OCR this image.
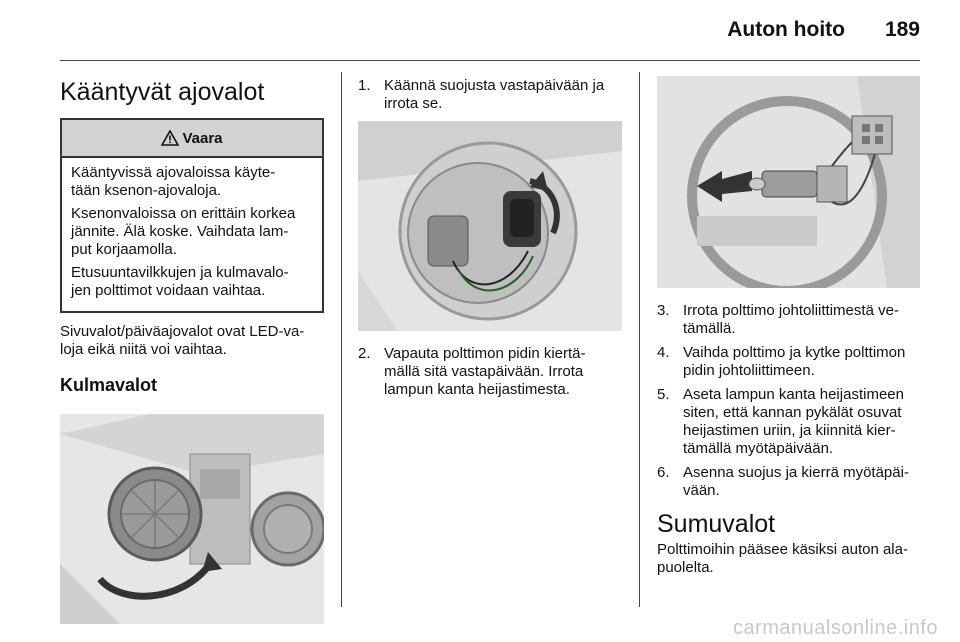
Auton hoito 189
Kääntyvät ajovalot
Vaara

Kääntyvissä ajovaloissa käyte-
tään ksenon-ajovaloja.

Ksenonvaloissa on erittäin korkea
jännite. Älä koske. Vaihdata lam-
put korjaamolla.

Etusuuntavilkkujen ja kulmavalo-
jen polttimot voidaan vaihtaa.

Sivuvalot/päiväajovalot ovat LED-va-
loja eikä niitä voi vaihtaa.

Kulmavalot
1. Käännä suojusta vastapäivään ja
irrota se.
2. Vapauta polttimon pidin kiertä-
mällä sitä vastapäivään. Irrota
lampun kanta heijastimesta.
3. Irrota polttimo johtoliittimestä ve-
tämällä.
4. Vaihda polttimo ja kytke polttimon
pidin johtoliittimeen.
5. Aseta lampun kanta heijastimeen
siten, että kannan pykälät osuvat
heijastimen uriin, ja kiinnitä kier-
tämällä myötäpäivään.
6. Asenna suojus ja kierrä myötäpäi-
vään.
Sumuvalot

Polttimoihin pääsee käsiksi auton ala-
puolelta.

carmanualsonline.info
